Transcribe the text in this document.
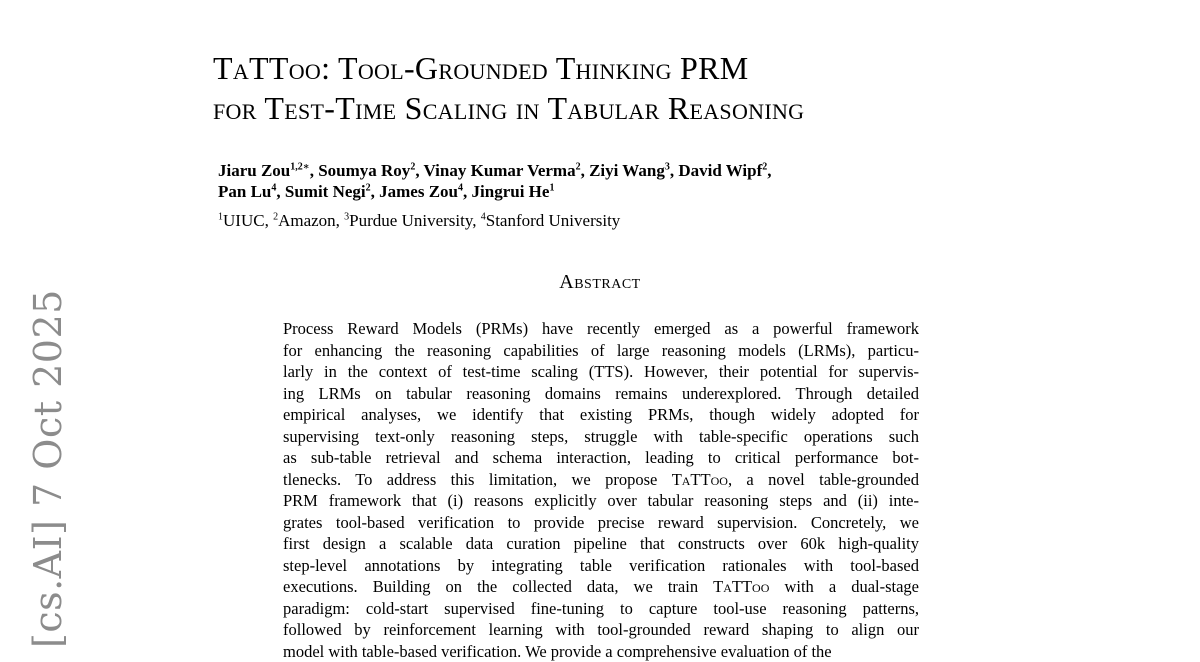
TaTToo: Tool-Grounded Thinking PRM
for Test-Time Scaling in Tabular Reasoning
Jiaru Zou$^{1,2∗}$, Soumya Roy$^2$, Vinay Kumar Verma$^2$, Ziyi Wang$^3$, David Wipf$^2$,
Pan Lu$^4$, Sumit Negi$^2$, James Zou$^4$, Jingrui He$^1$
$^1$UIUC, $^2$Amazon, $^3$Purdue University, $^4$Stanford University
Abstract
Process Reward Models (PRMs) have recently emerged as a powerful framework
for enhancing the reasoning capabilities of large reasoning models (LRMs), particu-
larly in the context of test-time scaling (TTS). However, their potential for supervis-
ing LRMs on tabular reasoning domains remains underexplored. Through detailed
empirical analyses, we identify that existing PRMs, though widely adopted for
supervising text-only reasoning steps, struggle with table-specific operations such
as sub-table retrieval and schema interaction, leading to critical performance bot-
tlenecks. To address this limitation, we propose TaTToo, a novel table-grounded
PRM framework that (i) reasons explicitly over tabular reasoning steps and (ii) inte-
grates tool-based verification to provide precise reward supervision. Concretely, we
first design a scalable data curation pipeline that constructs over 60k high-quality
step-level annotations by integrating table verification rationales with tool-based
executions. Building on the collected data, we train TaTToo with a dual-stage
paradigm: cold-start supervised fine-tuning to capture tool-use reasoning patterns,
followed by reinforcement learning with tool-grounded reward shaping to align our
model with table-based verification. We provide a comprehensive evaluation of the
[cs.AI] 7 Oct 2025
